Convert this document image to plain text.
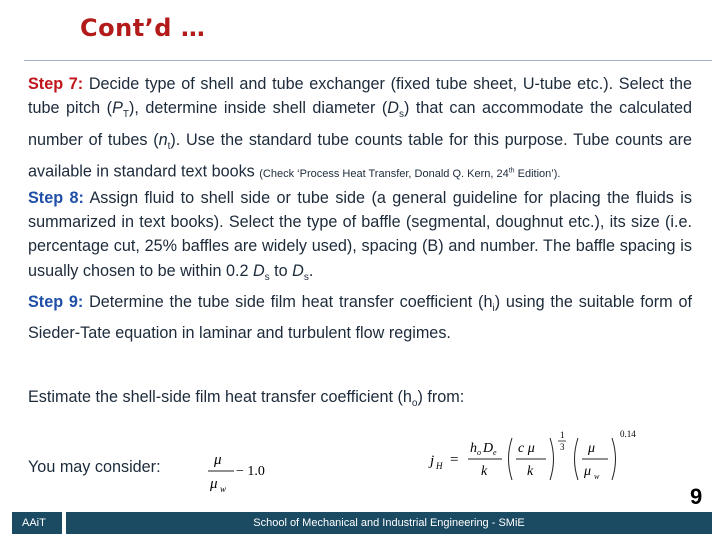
Cont’d …

Step 7: Decide type of shell and tube exchanger (fixed tube sheet, U-tube etc.). Select the tube pitch $(P_T)$, determine inside shell diameter $(D_s)$ that can accommodate the calculated number of tubes $(n_t)$. Use the standard tube counts table for this purpose. Tube counts are available in standard text books (Check ‘Process Heat Transfer, Donald Q. Kern, 24th Edition’).

Step 8: Assign fluid to shell side or tube side (a general guideline for placing the fluids is summarized in text books). Select the type of baffle (segmental, doughnut etc.), its size (i.e. percentage cut, 25% baffles are widely used), spacing (B) and number. The baffle spacing is usually chosen to be within 0.2 $D_s$ to $D_s$.

Step 9: Determine the tube side film heat transfer coefficient $(h_i)$ using the suitable form of Sieder-Tate equation in laminar and turbulent flow regimes.

Estimate the shell-side film heat transfer coefficient $(h_o)$ from:
You may consider:	μ
μ w
− 1.0
j H =
h o D e
k
c μ
k
1
3 μ
μ w
0.14
9
AAiT	School of Mechanical and Industrial Engineering - SMiE
